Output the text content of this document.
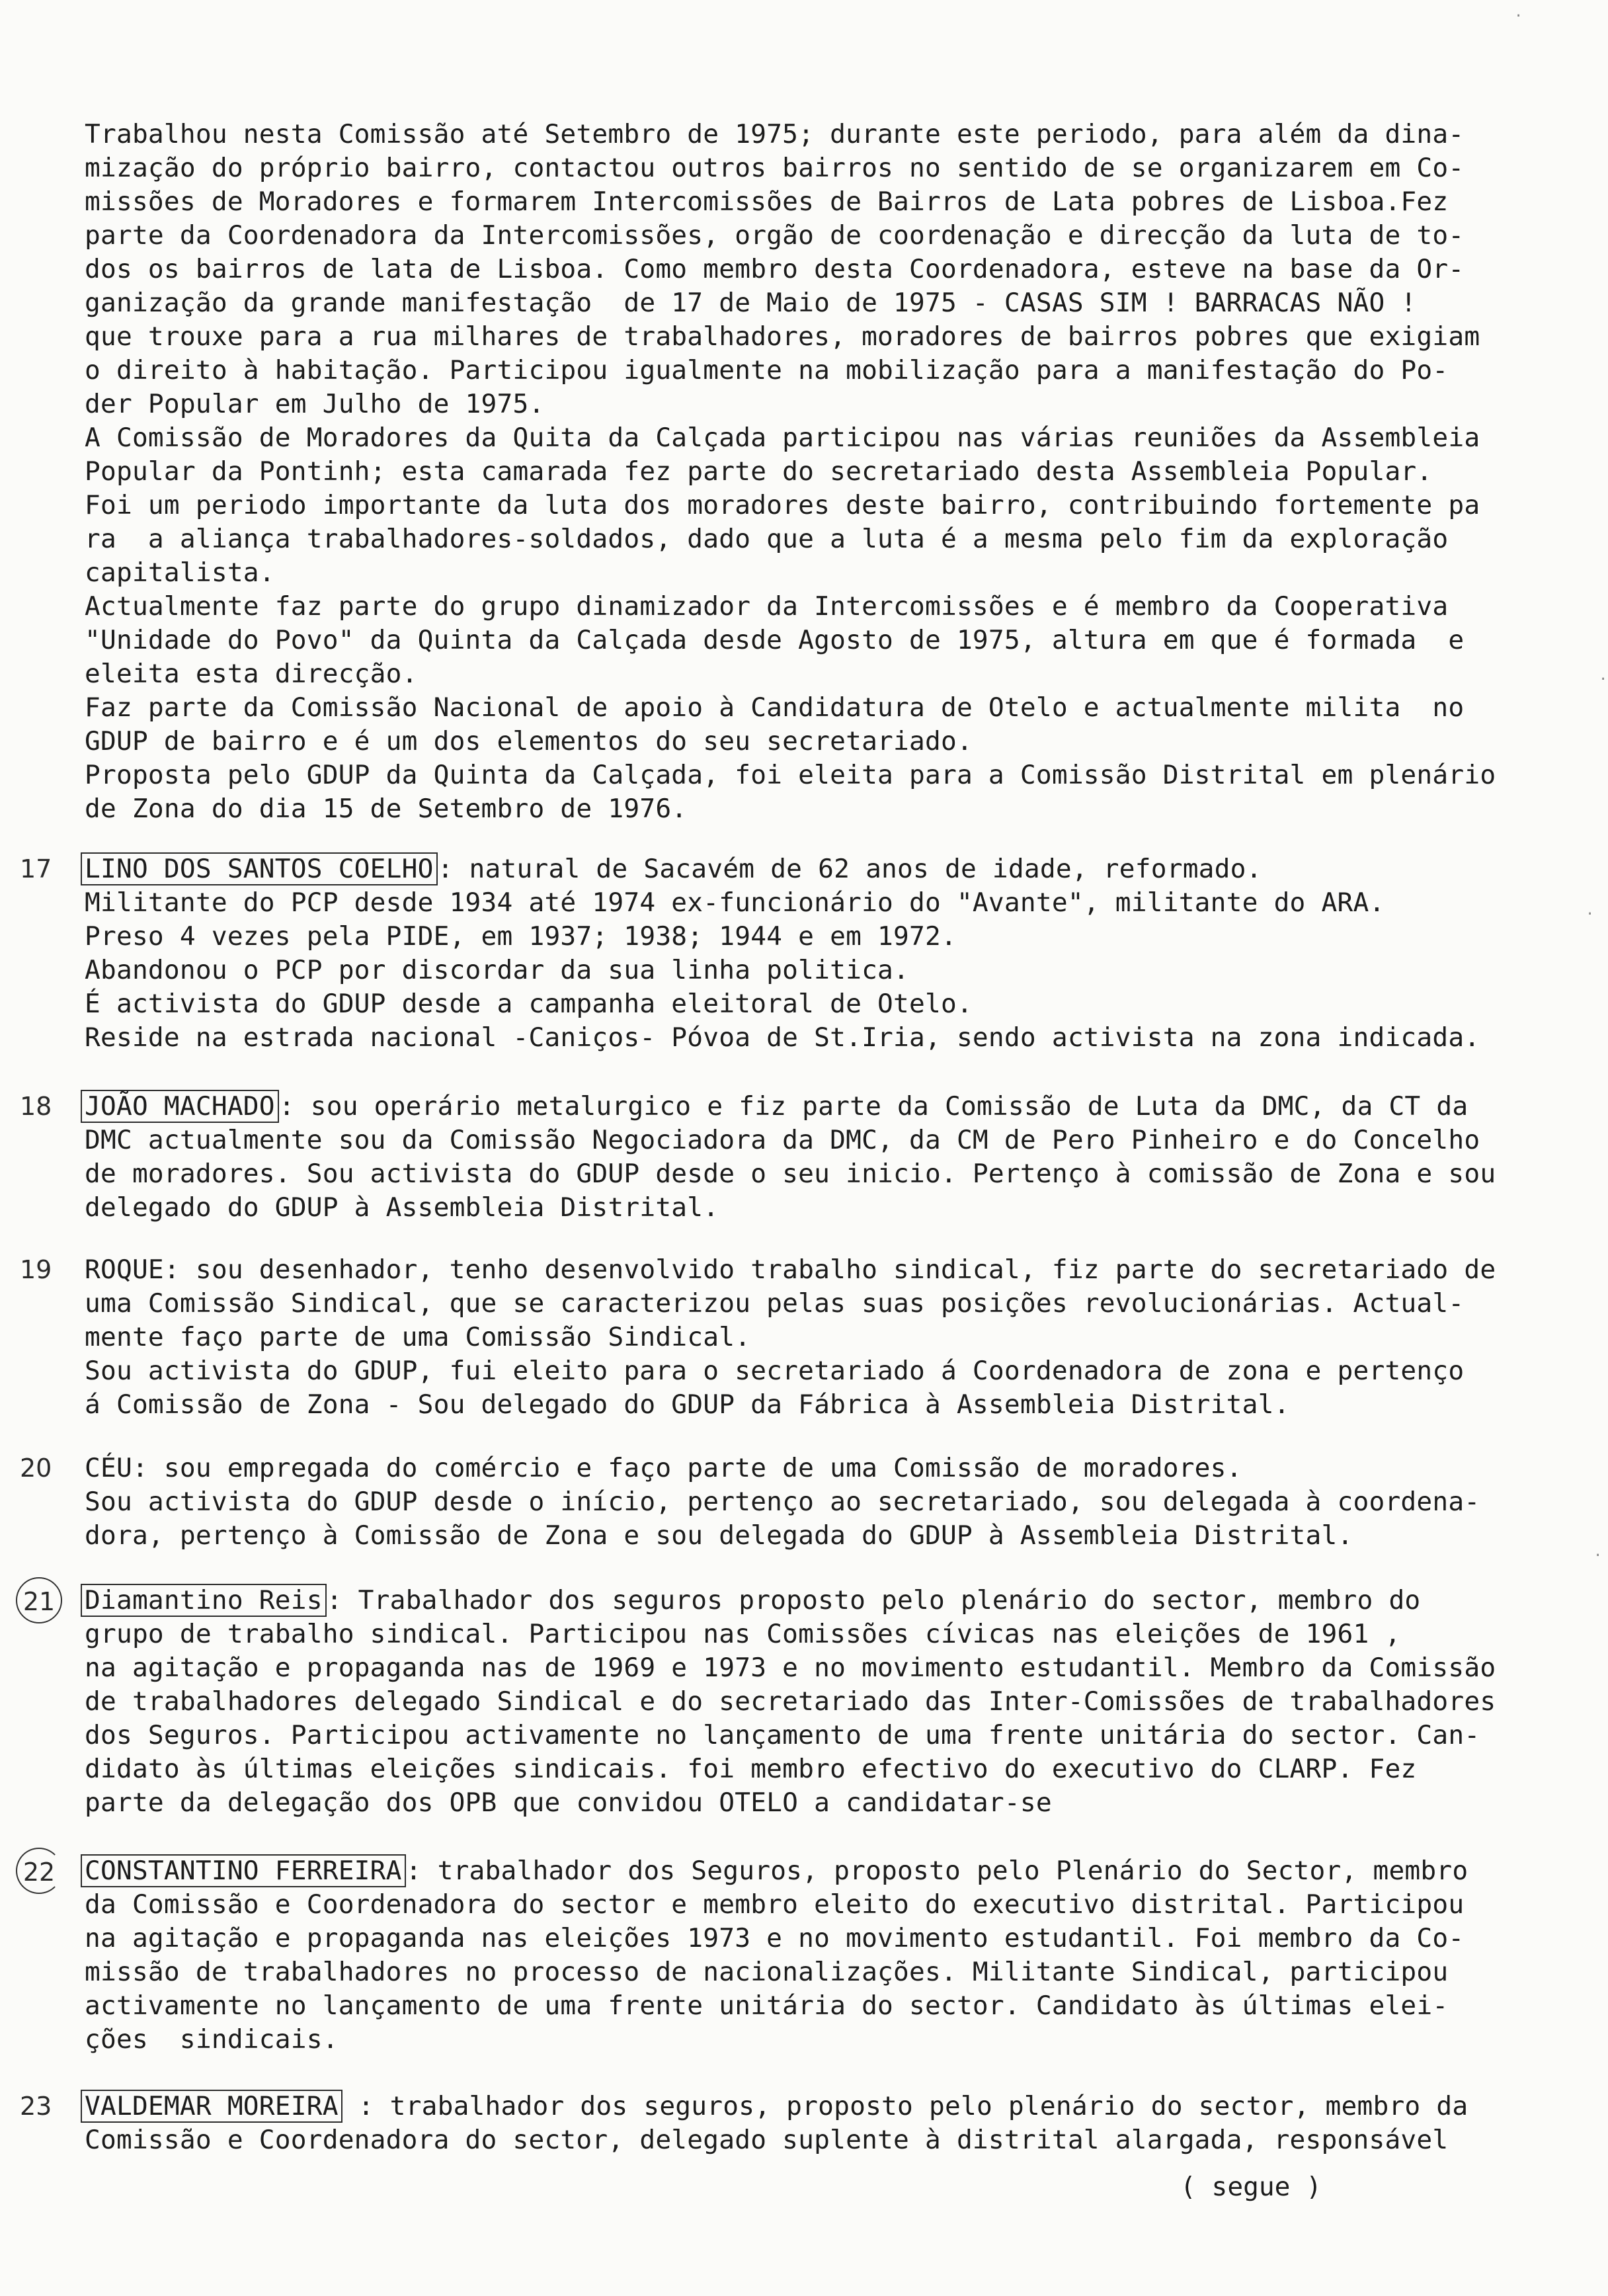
Trabalhou nesta Comissão até Setembro de 1975; durante este periodo, para além da dina-
mização do próprio bairro, contactou outros bairros no sentido de se organizarem em Co-
missões de Moradores e formarem Intercomissões de Bairros de Lata pobres de Lisboa.Fez
parte da Coordenadora da Intercomissões, orgão de coordenação e direcção da luta de to-
dos os bairros de lata de Lisboa. Como membro desta Coordenadora, esteve na base da Or-
ganização da grande manifestação  de 17 de Maio de 1975 - CASAS SIM ! BARRACAS NÃO !
que trouxe para a rua milhares de trabalhadores, moradores de bairros pobres que exigiam
o direito à habitação. Participou igualmente na mobilização para a manifestação do Po-
der Popular em Julho de 1975.
A Comissão de Moradores da Quita da Calçada participou nas várias reuniões da Assembleia
Popular da Pontinh; esta camarada fez parte do secretariado desta Assembleia Popular.
Foi um periodo importante da luta dos moradores deste bairro, contribuindo fortemente pa
ra  a aliança trabalhadores-soldados, dado que a luta é a mesma pelo fim da exploração
capitalista.
Actualmente faz parte do grupo dinamizador da Intercomissões e é membro da Cooperativa
"Unidade do Povo" da Quinta da Calçada desde Agosto de 1975, altura em que é formada  e
eleita esta direcção.
Faz parte da Comissão Nacional de apoio à Candidatura de Otelo e actualmente milita  no
GDUP de bairro e é um dos elementos do seu secretariado.
Proposta pelo GDUP da Quinta da Calçada, foi eleita para a Comissão Distrital em plenário
de Zona do dia 15 de Setembro de 1976.
17 LINO DOS SANTOS COELHO : natural de Sacavém de 62 anos de idade, reformado.
Militante do PCP desde 1934 até 1974 ex-funcionário do "Avante", militante do ARA.
Preso 4 vezes pela PIDE, em 1937; 1938; 1944 e em 1972.
Abandonou o PCP por discordar da sua linha politica.
É activista do GDUP desde a campanha eleitoral de Otelo.
Reside na estrada nacional -Caniços- Póvoa de St.Iria, sendo activista na zona indicada.
18 JOÃO MACHADO : sou operário metalurgico e fiz parte da Comissão de Luta da DMC, da CT da
DMC actualmente sou da Comissão Negociadora da DMC, da CM de Pero Pinheiro e do Concelho
de moradores. Sou activista do GDUP desde o seu inicio. Pertenço à comissão de Zona e sou
delegado do GDUP à Assembleia Distrital.
19 ROQUE: sou desenhador, tenho desenvolvido trabalho sindical, fiz parte do secretariado de
uma Comissão Sindical, que se caracterizou pelas suas posições revolucionárias. Actual-
mente faço parte de uma Comissão Sindical.
Sou activista do GDUP, fui eleito para o secretariado á Coordenadora de zona e pertenço
á Comissão de Zona - Sou delegado do GDUP da Fábrica à Assembleia Distrital.
20 CÉU: sou empregada do comércio e faço parte de uma Comissão de moradores.
Sou activista do GDUP desde o início, pertenço ao secretariado, sou delegada à coordena-
dora, pertenço à Comissão de Zona e sou delegada do GDUP à Assembleia Distrital.
21 Diamantino Reis : Trabalhador dos seguros proposto pelo plenário do sector, membro do
grupo de trabalho sindical. Participou nas Comissões cívicas nas eleições de 1961 ,
na agitação e propaganda nas de 1969 e 1973 e no movimento estudantil. Membro da Comissão
de trabalhadores delegado Sindical e do secretariado das Inter-Comissões de trabalhadores
dos Seguros. Participou activamente no lançamento de uma frente unitária do sector. Can-
didato às últimas eleições sindicais. foi membro efectivo do executivo do CLARP. Fez
parte da delegação dos OPB que convidou OTELO a candidatar-se
22 CONSTANTINO FERREIRA : trabalhador dos Seguros, proposto pelo Plenário do Sector, membro
da Comissão e Coordenadora do sector e membro eleito do executivo distrital. Participou
na agitação e propaganda nas eleições 1973 e no movimento estudantil. Foi membro da Co-
missão de trabalhadores no processo de nacionalizações. Militante Sindical, participou
activamente no lançamento de uma frente unitária do sector. Candidato às últimas elei-
ções  sindicais.
23 VALDEMAR MOREIRA : trabalhador dos seguros, proposto pelo plenário do sector, membro da
Comissão e Coordenadora do sector, delegado suplente à distrital alargada, responsável
( segue )
·
·
·
·
